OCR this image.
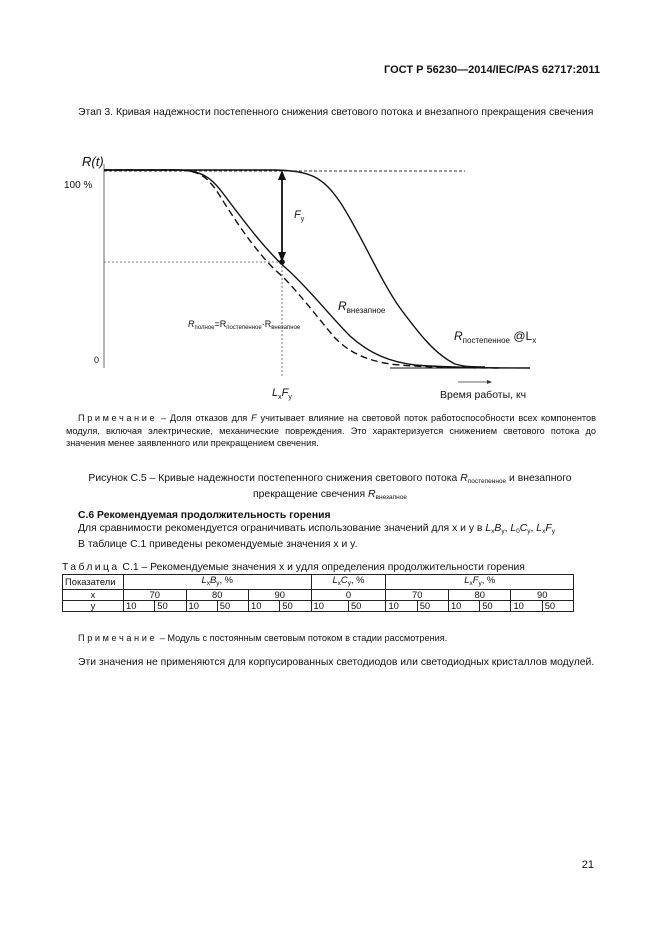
ГОСТ Р 56230—2014/IEC/PAS 62717:2011
Этап 3. Кривая надежности постепенного снижения светового потока и внезапного прекращения свечения
R(t)
100 %
0
$F_y$
$R_{внезапное}$
$R_{полное}=R_{постепенное}\cdot R_{внезапное}$
$R_{постепенное}$ $@L_x$
$L_xF_y$	Время работы, кч
Примечание – Доля отказов для F учитывает влияние на световой поток работоспособности всех компонентов модуля, включая электрические, механические повреждения. Это характеризуется снижением светового потока до значения менее заявленного или прекращением свечения.
Рисунок С.5 – Кривые надежности постепенного снижения светового потока $R_{постепенное}$ и внезапного
прекращение свечения $R_{внезапное}$
С.6 Рекомендуемая продолжительность горения
Для сравнимости рекомендуется ограничивать использование значений для x и y в $L_xB_y$, $L_0C_y$, $L_xF_y$
В таблице С.1 приведены рекомендуемые значения x и y.
Таблица С.1 – Рекомендуемые значения x и yдля определения продолжительности горения
Показатели	$L_xB_y$, %						$L_xC_y$, %		$L_xF_y$, %					
x	70		80		90		0		70		80		90	
y	10	50	10	50	10	50	10	50	10	50	10	50	10	50
Примечание – Модуль с постоянным световым потоком в стадии рассмотрения.
Эти значения не применяются для корпусированных светодиодов или светодиодных кристаллов модулей.
21
